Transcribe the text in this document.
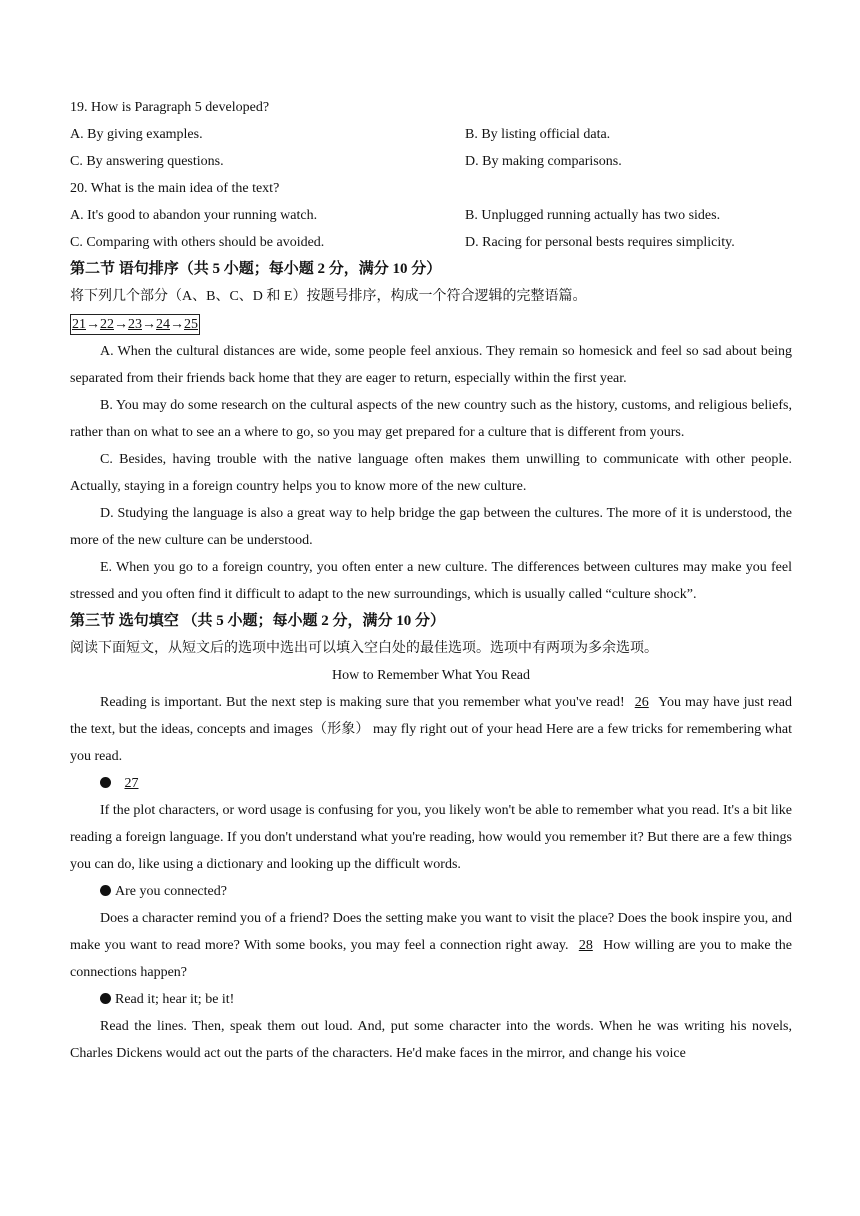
19. How is Paragraph 5 developed?
A. By giving examples.	B. By listing official data.
C. By answering questions.	D. By making comparisons.
20. What is the main idea of the text?
A. It's good to abandon your running watch.	B. Unplugged running actually has two sides.
C. Comparing with others should be avoided.	D. Racing for personal bests requires simplicity.
第二节 语句排序（共 5 小题；每小题 2 分，满分 10 分）
将下列几个部分（A、B、C、D 和 E）按题号排序，构成一个符合逻辑的完整语篇。
21→22→23→24→25
A. When the cultural distances are wide, some people feel anxious. They remain so homesick and feel so sad about being separated from their friends back home that they are eager to return, especially within the first year.
B. You may do some research on the cultural aspects of the new country such as the history, customs, and religious beliefs, rather than on what to see an a where to go, so you may get prepared for a culture that is different from yours.
C. Besides, having trouble with the native language often makes them unwilling to communicate with other people. Actually, staying in a foreign country helps you to know more of the new culture.
D. Studying the language is also a great way to help bridge the gap between the cultures. The more of it is understood, the more of the new culture can be understood.
E. When you go to a foreign country, you often enter a new culture. The differences between cultures may make you feel stressed and you often find it difficult to adapt to the new surroundings, which is usually called “culture shock”.
第三节 选句填空 （共 5 小题；每小题 2 分，满分 10 分）
阅读下面短文，从短文后的选项中选出可以填入空白处的最佳选项。选项中有两项为多余选项。
How to Remember What You Read
Reading is important. But the next step is making sure that you remember what you've read! 26 You may have just read the text, but the ideas, concepts and images（形象） may fly right out of your head Here are a few tricks for remembering what you read.
27
If the plot characters, or word usage is confusing for you, you likely won't be able to remember what you read. It's a bit like reading a foreign language. If you don't understand what you're reading, how would you remember it? But there are a few things you can do, like using a dictionary and looking up the difficult words.
Are you connected?
Does a character remind you of a friend? Does the setting make you want to visit the place? Does the book inspire you, and make you want to read more? With some books, you may feel a connection right away. 28 How willing are you to make the connections happen?
Read it; hear it; be it!
Read the lines. Then, speak them out loud. And, put some character into the words. When he was writing his novels, Charles Dickens would act out the parts of the characters. He'd make faces in the mirror, and change his voice
